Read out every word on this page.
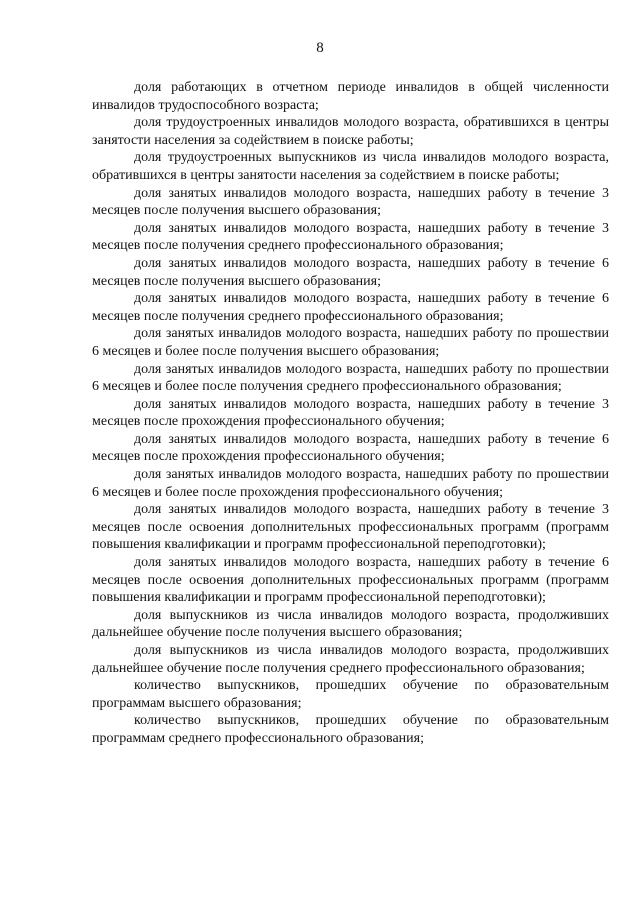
8

доля работающих в отчетном периоде инвалидов в общей численности инвалидов трудоспособного возраста;

доля трудоустроенных инвалидов молодого возраста, обратившихся в центры занятости населения за содействием в поиске работы;

доля трудоустроенных выпускников из числа инвалидов молодого возраста, обратившихся в центры занятости населения за содействием в поиске работы;

доля занятых инвалидов молодого возраста, нашедших работу в течение 3 месяцев после получения высшего образования;

доля занятых инвалидов молодого возраста, нашедших работу в течение 3 месяцев после получения среднего профессионального образования;

доля занятых инвалидов молодого возраста, нашедших работу в течение 6 месяцев после получения высшего образования;

доля занятых инвалидов молодого возраста, нашедших работу в течение 6 месяцев после получения среднего профессионального образования;

доля занятых инвалидов молодого возраста, нашедших работу по прошествии 6 месяцев и более после получения высшего образования;

доля занятых инвалидов молодого возраста, нашедших работу по прошествии 6 месяцев и более после получения среднего профессионального образования;

доля занятых инвалидов молодого возраста, нашедших работу в течение 3 месяцев после прохождения профессионального обучения;

доля занятых инвалидов молодого возраста, нашедших работу в течение 6 месяцев после прохождения профессионального обучения;

доля занятых инвалидов молодого возраста, нашедших работу по прошествии 6 месяцев и более после прохождения профессионального обучения;

доля занятых инвалидов молодого возраста, нашедших работу в течение 3 месяцев после освоения дополнительных профессиональных программ (программ повышения квалификации и программ профессиональной переподготовки);

доля занятых инвалидов молодого возраста, нашедших работу в течение 6 месяцев после освоения дополнительных профессиональных программ (программ повышения квалификации и программ профессиональной переподготовки);

доля выпускников из числа инвалидов молодого возраста, продолживших дальнейшее обучение после получения высшего образования;

доля выпускников из числа инвалидов молодого возраста, продолживших дальнейшее обучение после получения среднего профессионального образования;

количество выпускников, прошедших обучение по образовательным программам высшего образования;

количество выпускников, прошедших обучение по образовательным программам среднего профессионального образования;
